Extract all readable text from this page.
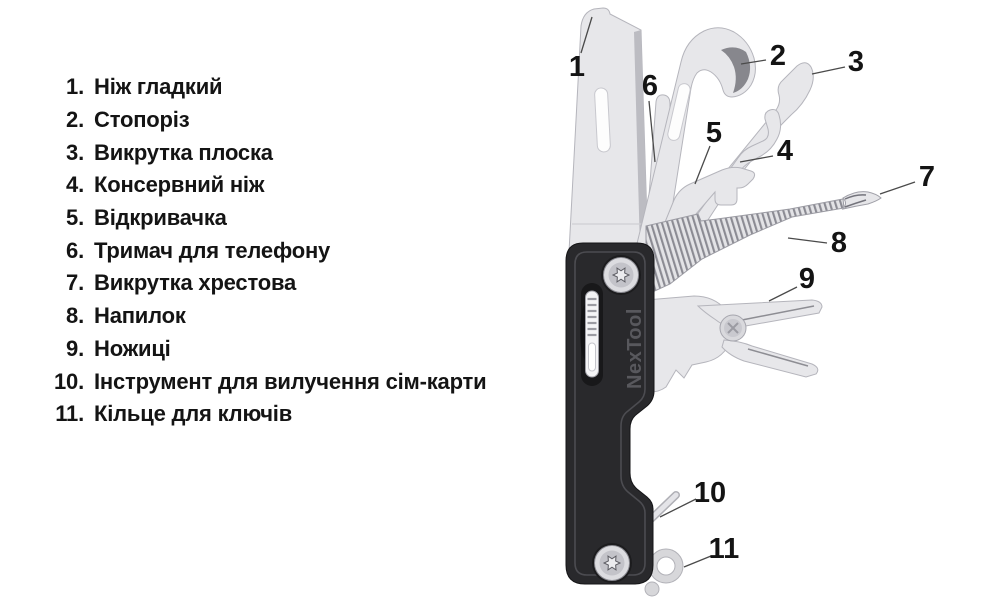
1. Ніж гладкий
2. Стопоріз
3. Викрутка плоска
4. Консервний ніж
5. Відкривачка
6. Тримач для телефону
7. Викрутка хрестова
8. Напилок
9. Ножиці
10. Інструмент для вилучення сім-карти
11. Кільце для ключів
NexTool
1	2 3
4
5
6
7
8
9
10
11
